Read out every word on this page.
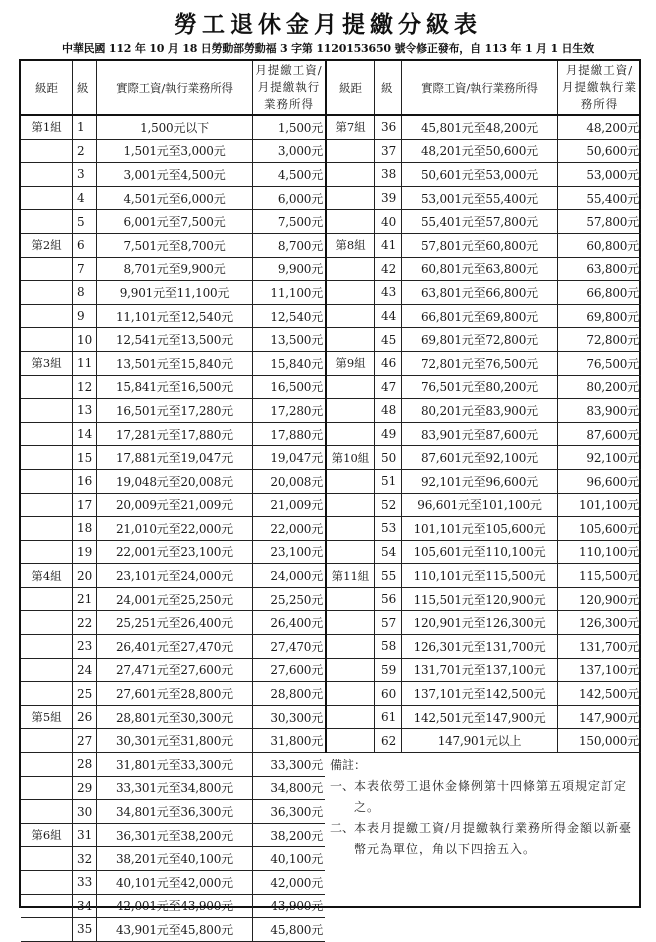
勞工退休金月提繳分級表
中華民國 112 年 10 月 18 日勞動部勞動福 3 字第 1120153650 號令修正發布，自 113 年 1 月 1 日生效
級距	級	實際工資/執行業務所得
月提繳工資/月提繳執行業務所得
第1組	1	1,500元以下	1,500元
2	1,501元至3,000元	3,000元
3	3,001元至4,500元	4,500元
4	4,501元至6,000元	6,000元
5	6,001元至7,500元	7,500元
第2組	6	7,501元至8,700元	8,700元
7	8,701元至9,900元	9,900元
8	9,901元至11,100元	11,100元
9	11,101元至12,540元	12,540元
10	12,541元至13,500元	13,500元
第3組	11	13,501元至15,840元	15,840元
12	15,841元至16,500元	16,500元
13	16,501元至17,280元	17,280元
14	17,281元至17,880元	17,880元
15	17,881元至19,047元	19,047元
16	19,048元至20,008元	20,008元
17	20,009元至21,009元	21,009元
18	21,010元至22,000元	22,000元
19	22,001元至23,100元	23,100元
第4組	20	23,101元至24,000元	24,000元
21	24,001元至25,250元	25,250元
22	25,251元至26,400元	26,400元
23	26,401元至27,470元	27,470元
24	27,471元至27,600元	27,600元
25	27,601元至28,800元	28,800元
第5組	26	28,801元至30,300元	30,300元
27	30,301元至31,800元	31,800元
28	31,801元至33,300元	33,300元
29	33,301元至34,800元	34,800元
30	34,801元至36,300元	36,300元
第6組	31	36,301元至38,200元	38,200元
32	38,201元至40,100元	40,100元
33	40,101元至42,000元	42,000元
34	42,001元至43,900元	43,900元
35	43,901元至45,800元	45,800元
級距	級	實際工資/執行業務所得
月提繳工資/月提繳執行業務所得
第7組	36	45,801元至48,200元	48,200元
37	48,201元至50,600元	50,600元
38	50,601元至53,000元	53,000元
39	53,001元至55,400元	55,400元
40	55,401元至57,800元	57,800元
第8組	41	57,801元至60,800元	60,800元
42	60,801元至63,800元	63,800元
43	63,801元至66,800元	66,800元
44	66,801元至69,800元	69,800元
45	69,801元至72,800元	72,800元
第9組	46	72,801元至76,500元	76,500元
47	76,501元至80,200元	80,200元
48	80,201元至83,900元	83,900元
49	83,901元至87,600元	87,600元
第10組 50	87,601元至92,100元	92,100元
51	92,101元至96,600元	96,600元
52	96,601元至101,100元	101,100元
53	101,101元至105,600元	105,600元
54	105,601元至110,100元	110,100元
第11組 55	110,101元至115,500元	115,500元
56	115,501元至120,900元	120,900元
57	120,901元至126,300元	126,300元
58	126,301元至131,700元	131,700元
59	131,701元至137,100元	137,100元
60	137,101元至142,500元	142,500元
61	142,501元至147,900元	147,900元
62	147,901元以上	150,000元
備註：
一、 本表依勞工退休金條例第十四條第五項規定訂定之。
二、 本表月提繳工資/月提繳執行業務所得金額以新臺幣元為單位，角以下四捨五入。
